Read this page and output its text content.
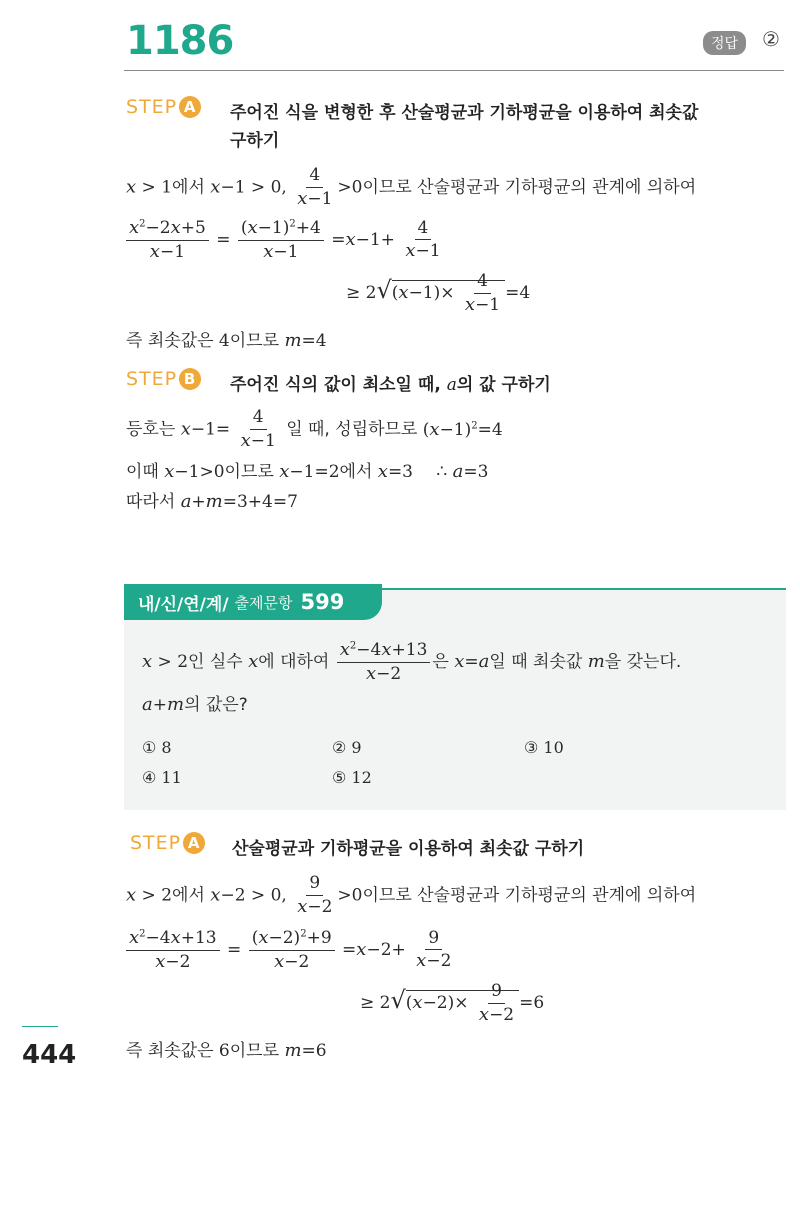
1186	정답	②
STEP A 주어진 식을 변형한 후 산술평균과 기하평균을 이용하여 최솟값
구하기
x > 1에서 x−1 > 0, $\frac{4}{x-1} >0$이므로 산술평균과 기하평균의 관계에 의하여
$\frac{x^2-2x+5}{x-1} = \frac{(x-1)^2+4}{x-1} =x-1+ \frac{4}{x-1}$
≥ $2√(x-1)\times \frac{4}{x-1} =4$
즉 최솟값은 4이므로 m=4
STEP B 주어진 식의 값이 최소일 때, a의 값 구하기
등호는 $x-1= \frac{4}{x-1}$ 일 때, 성립하므로 $(x-1)^2=4$
이때 x−1>0이므로 x−1=2에서 x=3 ∴ a=3
따라서 a+m=3+4=7
내/신/연/계/ 출제문항 599
x > 2인 실수 x에 대하여 $\frac{x^2-4x+13}{x-2}$ 은 x=a일 때 최솟값 m을 갖는다.
a+m의 값은?
① 8	② 9	③ 10
④ 11	⑤ 12
STEP A 산술평균과 기하평균을 이용하여 최솟값 구하기
x > 2에서 x−2 > 0, $\frac{9}{x-2} >0$이므로 산술평균과 기하평균의 관계에 의하여
$\frac{x^2-4x+13}{x-2} = \frac{(x-2)^2+9}{x-2} =x-2+ \frac{9}{x-2}$
≥ $2√(x-2)\times \frac{9}{x-2} =6$
즉 최솟값은 6이므로 m=6
444
